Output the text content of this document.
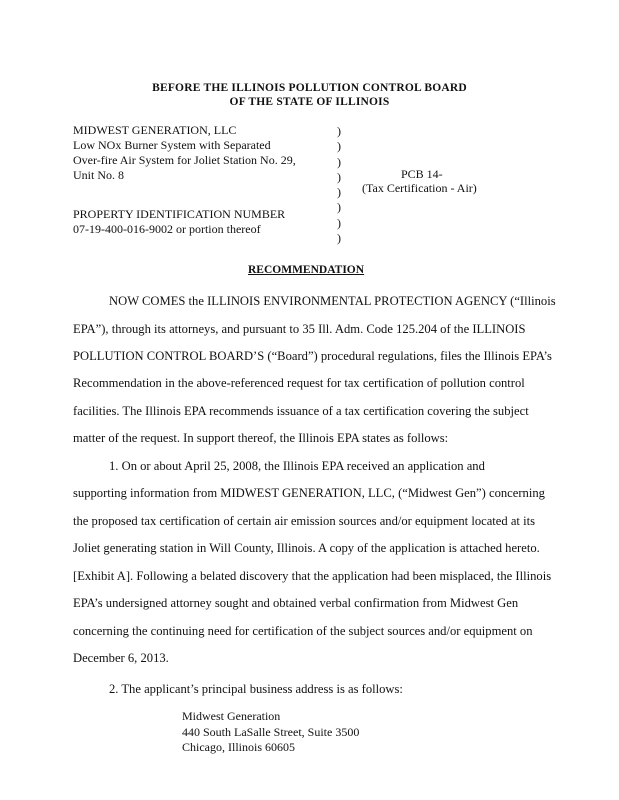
BEFORE THE ILLINOIS POLLUTION CONTROL BOARD
OF THE STATE OF ILLINOIS
MIDWEST GENERATION, LLC
Low NOx Burner System with Separated
Over-fire Air System for Joliet Station No. 29,
Unit No. 8
PROPERTY IDENTIFICATION NUMBER
07-19-400-016-9002 or portion thereof
)
)
)
)
)
)
)
)
PCB 14-
(Tax Certification - Air)
RECOMMENDATION
NOW COMES the ILLINOIS ENVIRONMENTAL PROTECTION AGENCY (“Illinois
EPA”), through its attorneys, and pursuant to 35 Ill. Adm. Code 125.204 of the ILLINOIS
POLLUTION CONTROL BOARD’S (“Board”) procedural regulations, files the Illinois EPA’s
Recommendation in the above-referenced request for tax certification of pollution control
facilities. The Illinois EPA recommends issuance of a tax certification covering the subject
matter of the request. In support thereof, the Illinois EPA states as follows:
1. On or about April 25, 2008, the Illinois EPA received an application and
supporting information from MIDWEST GENERATION, LLC, (“Midwest Gen”) concerning
the proposed tax certification of certain air emission sources and/or equipment located at its
Joliet generating station in Will County, Illinois. A copy of the application is attached hereto.
[Exhibit A]. Following a belated discovery that the application had been misplaced, the Illinois
EPA’s undersigned attorney sought and obtained verbal confirmation from Midwest Gen
concerning the continuing need for certification of the subject sources and/or equipment on
December 6, 2013.
2. The applicant’s principal business address is as follows:
Midwest Generation
440 South LaSalle Street, Suite 3500
Chicago, Illinois 60605
